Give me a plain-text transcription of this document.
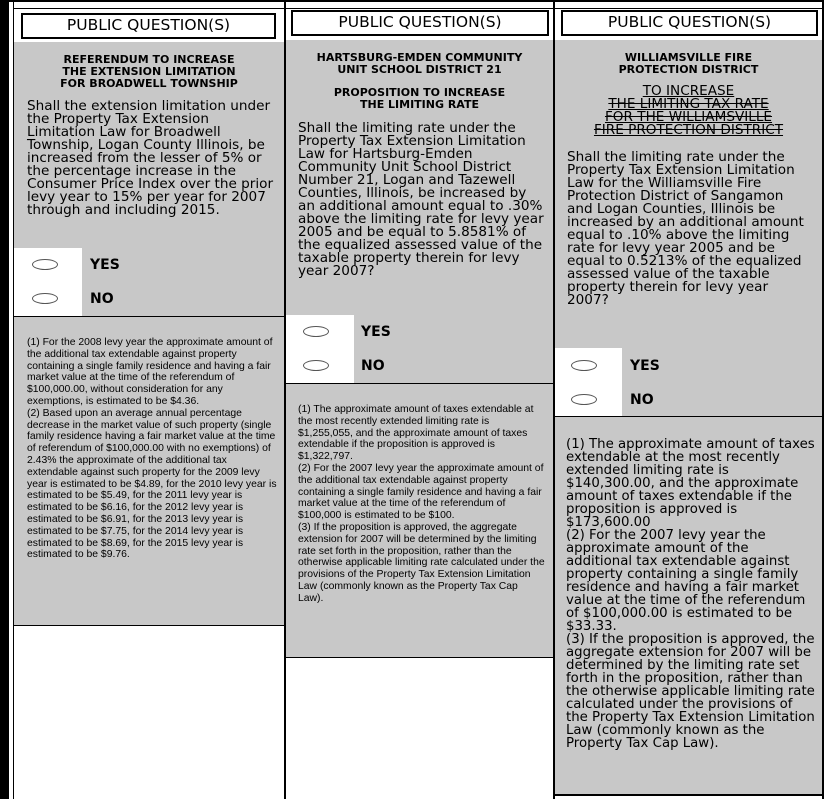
PUBLIC QUESTION(S)
REFERENDUM TO INCREASE
THE EXTENSION LIMITATION
FOR BROADWELL TOWNSHIP

Shall the extension limitation under the Property Tax Extension Limitation Law for Broadwell Township, Logan County Illinois, be increased from the lesser of 5% or the percentage increase in the Consumer Price Index over the prior levy year to 15% per year for 2007 through and including 2015.

YES
NO

(1) For the 2008 levy year the approximate amount of the additional tax extendable against property containing a single family residence and having a fair market value at the time of the referendum of $100,000.00, without consideration for any exemptions, is estimated to be $4.36.
(2) Based upon an average annual percentage decrease in the market value of such property (single family residence having a fair market value at the time of referendum of $100,000.00 with no exemptions) of 2.43% the approximate of the additional tax extendable against such property for the 2009 levy year is estimated to be $4.89, for the 2010 levy year is estimated to be $5.49, for the 2011 levy year is estimated to be $6.16, for the 2012 levy year is estimated to be $6.91, for the 2013 levy year is estimated to be $7.75, for the 2014 levy year is estimated to be $8.69, for the 2015 levy year is estimated to be $9.76.

PUBLIC QUESTION(S)
HARTSBURG-EMDEN COMMUNITY
UNIT SCHOOL DISTRICT 21
PROPOSITION TO INCREASE
THE LIMITING RATE

Shall the limiting rate under the Property Tax Extension Limitation Law for Hartsburg-Emden Community Unit School District Number 21, Logan and Tazewell Counties, Illinois, be increased by an additional amount equal to .30% above the limiting rate for levy year 2005 and be equal to 5.8581% of the equalized assessed value of the taxable property therein for levy year 2007?

YES
NO

(1) The approximate amount of taxes extendable at the most recently extended limiting rate is $1,255,055, and the approximate amount of taxes extendable if the proposition is approved is $1,322,797.
(2) For the 2007 levy year the approximate amount of the additional tax extendable against property containing a single family residence and having a fair market value at the time of the referendum of $100,000 is estimated to be $100.
(3) If the proposition is approved, the aggregate extension for 2007 will be determined by the limiting rate set forth in the proposition, rather than the otherwise applicable limiting rate calculated under the provisions of the Property Tax Extension Limitation Law (commonly known as the Property Tax Cap Law).

PUBLIC QUESTION(S)
WILLIAMSVILLE FIRE
PROTECTION DISTRICT
TO INCREASE
THE LIMITING TAX RATE
FOR THE WILLIAMSVILLE
FIRE PROTECTION DISTRICT

Shall the limiting rate under the Property Tax Extension Limitation Law for the Williamsville Fire Protection District of Sangamon and Logan Counties, Illinois be increased by an additional amount equal to .10% above the limiting rate for levy year 2005 and be equal to 0.5213% of the equalized assessed value of the taxable property therein for levy year 2007?

YES
NO

(1) The approximate amount of taxes extendable at the most recently extended limiting rate is $140,300.00, and the approximate amount of taxes extendable if the proposition is approved is $173,600.00
(2) For the 2007 levy year the approximate amount of the additional tax extendable against property containing a single family residence and having a fair market value at the time of the referendum of $100,000.00 is estimated to be $33.33.
(3) If the proposition is approved, the aggregate extension for 2007 will be determined by the limiting rate set forth in the proposition, rather than the otherwise applicable limiting rate calculated under the provisions of the Property Tax Extension Limitation Law (commonly known as the Property Tax Cap Law).
